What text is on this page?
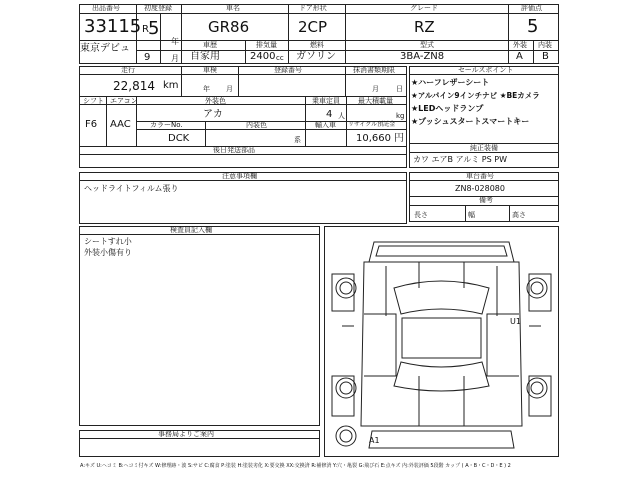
出品番号
33115
東京デビュ
初度登録
R 5
年
9	月
車名
GR86
ドア形状
2CP
グレード
RZ
評価点
5
車歴
自家用
排気量
2400 cc
燃料
ガソリン
型式
3BA-ZN8
外装
A
内装
B
走行
22,814 km
車検
年 月
登録番号	抹消書類期限
月 日
シフト
F6
エアコン
AAC
外装色
アカ
乗車定員
4 人
最大積載量
kg
カラーNo.
DCK
内装色
系
輸入車 リサイクル預託金
10,660 円
後日発送部品
セールスポイント
★ハーフレザーシート
★アルパイン9インチナビ ★BEカメラ
★LEDヘッドランプ
★プッシュスタートスマートキー
純正装備
カワ エアB アルミ PS PW
注意事項欄
ヘッドライトフィルム張り
車台番号
ZN8-028080
備考
長さ	幅	高さ
検査員記入欄
シートすれ小
外装小傷有り
事務局よりご案内
U1
A1
A:キズ U:ヘコミ B:ヘコミ付キズ W:修理跡・波 S:サビ C:腐食 P:塗装 H:塗装劣化 X:要交換 XX:交換済 R:補修済 Y:穴・亀裂 G:飛び石 E:点キズ 内:外装評価 5段階 カップ ( A・B・C・D・E ) 2
